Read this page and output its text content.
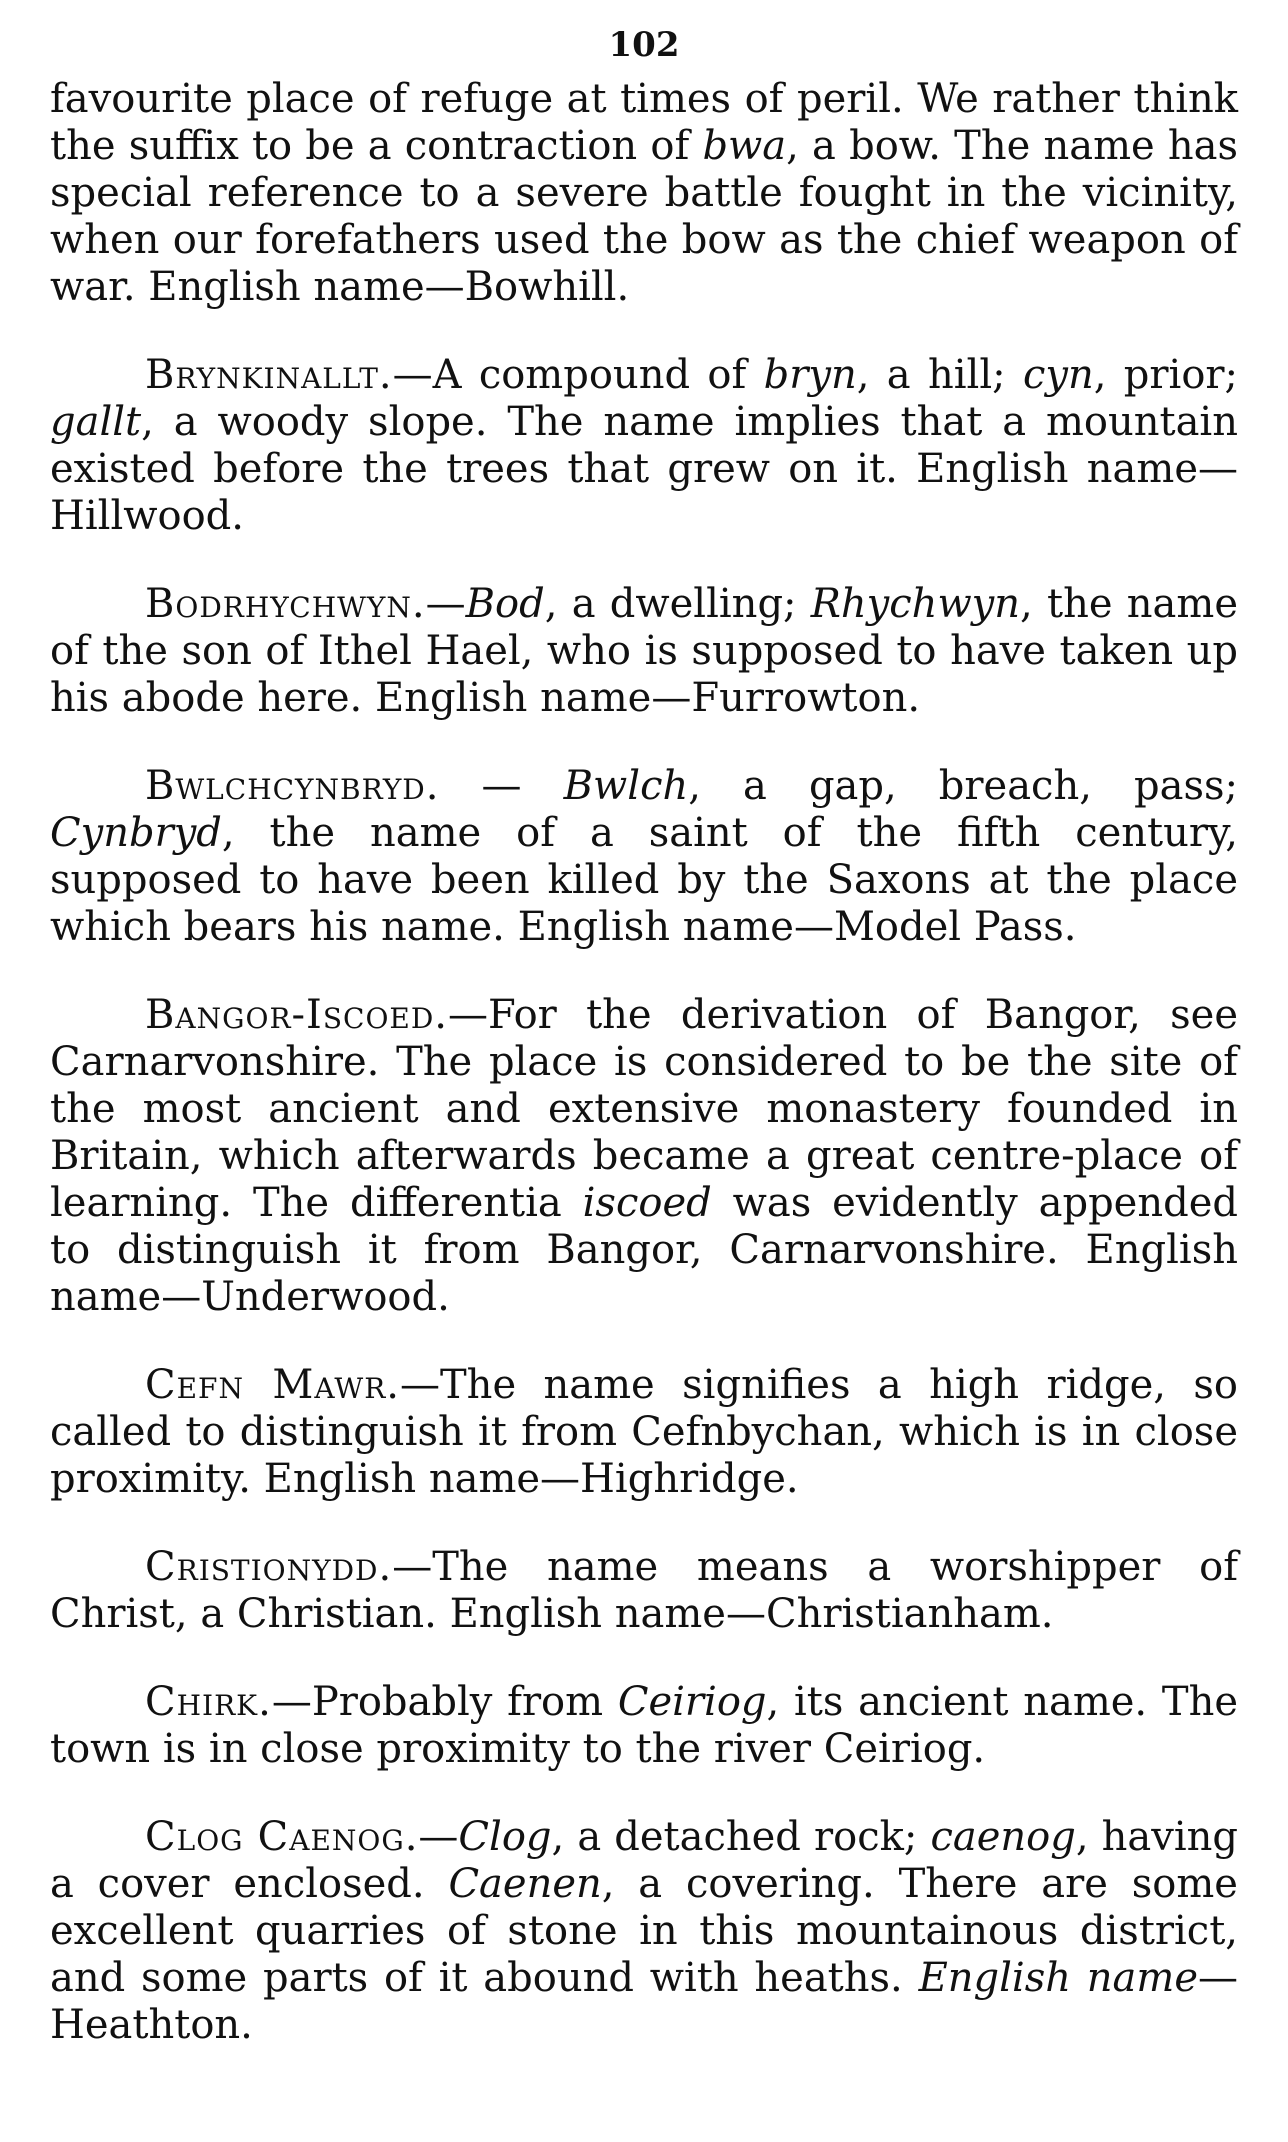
102

favourite place of refuge at times of peril. We rather think the suffix to be a contraction of bwa, a bow. The name has special reference to a severe battle fought in the vicinity, when our forefathers used the bow as the chief weapon of war. English name—Bowhill.

Brynkinallt.—A compound of bryn, a hill; cyn, prior; gallt, a woody slope. The name implies that a mountain existed before the trees that grew on it. English name—Hillwood.

Bodrhychwyn.—Bod, a dwelling; Rhychwyn, the name of the son of Ithel Hael, who is supposed to have taken up his abode here. English name—Furrowton.

Bwlchcynbryd. — Bwlch, a gap, breach, pass; Cynbryd, the name of a saint of the fifth century, supposed to have been killed by the Saxons at the place which bears his name. English name—Model Pass.

Bangor-Iscoed.—For the derivation of Bangor, see Carnarvonshire. The place is considered to be the site of the most ancient and extensive monastery founded in Britain, which afterwards became a great centre-place of learning. The differentia iscoed was evidently appended to distinguish it from Bangor, Carnarvonshire. English name—Underwood.

Cefn Mawr.—The name signifies a high ridge, so called to distinguish it from Cefnbychan, which is in close proximity. English name—Highridge.

Cristionydd.—The name means a worshipper of Christ, a Christian. English name—Christianham.

Chirk.—Probably from Ceiriog, its ancient name. The town is in close proximity to the river Ceiriog.

Clog Caenog.—Clog, a detached rock; caenog, having a cover enclosed. Caenen, a covering. There are some excellent quarries of stone in this mountainous district, and some parts of it abound with heaths. English name—Heathton.
